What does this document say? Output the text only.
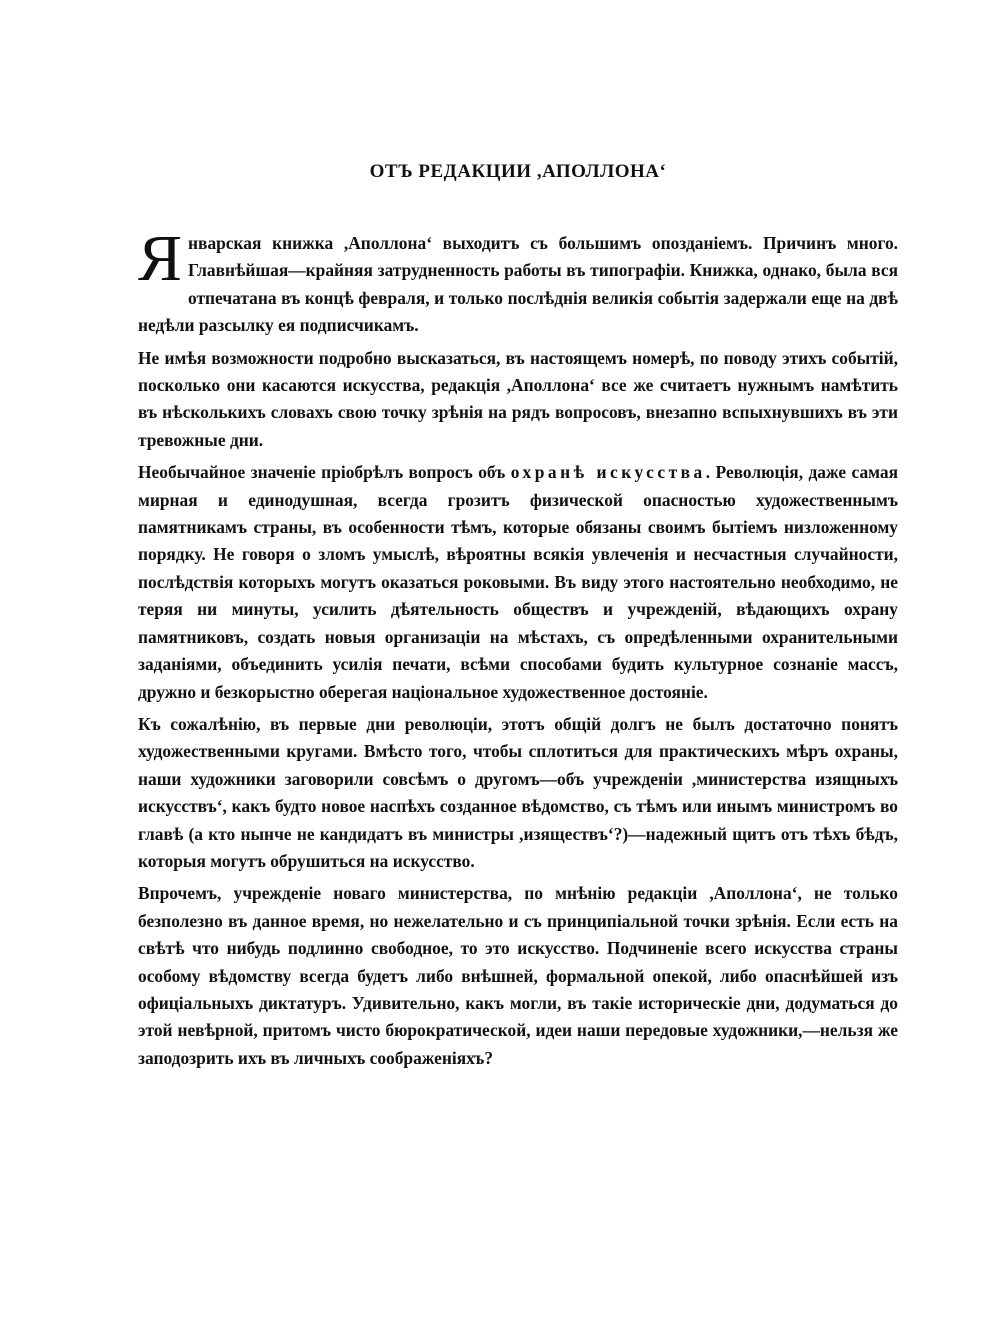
ОТЪ РЕДАКЦИИ ,АПОЛЛОНА‘

Январская книжка ,Аполлона‘ выходитъ съ большимъ опозданіемъ. Причинъ много. Главнѣйшая—крайняя затрудненность работы въ типографіи. Книжка, однако, была вся отпечатана въ концѣ февраля, и только послѣднія великія событія задержали еще на двѣ недѣли разсылку ея подписчикамъ.

Не имѣя возможности подробно высказаться, въ настоящемъ номерѣ, по поводу этихъ событій, посколько они касаются искусства, редакція ,Аполлона‘ все же считаетъ нужнымъ намѣтить въ нѣсколькихъ словахъ свою точку зрѣнія на рядъ вопросовъ, внезапно вспыхнувшихъ въ эти тревожные дни.

Необычайное значеніе пріобрѣлъ вопросъ объ охранѣ искусства. Революція, даже самая мирная и единодушная, всегда грозитъ физической опасностью художественнымъ памятникамъ страны, въ особенности тѣмъ, которые обязаны своимъ бытіемъ низложенному порядку. Не говоря о зломъ умыслѣ, вѣроятны всякія увлеченія и несчастныя случайности, послѣдствія которыхъ могутъ оказаться роковыми. Въ виду этого настоятельно необходимо, не теряя ни минуты, усилить дѣятельность обществъ и учрежденій, вѣдающихъ охрану памятниковъ, создать новыя организаціи на мѣстахъ, съ опредѣленными охранительными заданіями, объединить усилія печати, всѣми способами будить культурное сознаніе массъ, дружно и безкорыстно оберегая національное художественное достояніе.

Къ сожалѣнію, въ первые дни революціи, этотъ общій долгъ не былъ достаточно понятъ художественными кругами. Вмѣсто того, чтобы сплотиться для практическихъ мѣръ охраны, наши художники заговорили совсѣмъ о другомъ—объ учрежденіи ,министерства изящныхъ искусствъ‘, какъ будто новое наспѣхъ созданное вѣдомство, съ тѣмъ или инымъ министромъ во главѣ (а кто нынче не кандидатъ въ министры ,изяществъ‘?)—надежный щитъ отъ тѣхъ бѣдъ, которыя могутъ обрушиться на искусство.

Впрочемъ, учрежденіе новаго министерства, по мнѣнію редакціи ,Аполлона‘, не только безполезно въ данное время, но нежелательно и съ принципіальной точки зрѣнія. Если есть на свѣтѣ что нибудь подлинно свободное, то это искусство. Подчиненіе всего искусства страны особому вѣдомству всегда будетъ либо внѣшней, формальной опекой, либо опаснѣйшей изъ офиціальныхъ диктатуръ. Удивительно, какъ могли, въ такіе историческіе дни, додуматься до этой невѣрной, притомъ чисто бюрократической, идеи наши передовые художники,—нельзя же заподозрить ихъ въ личныхъ соображеніяхъ?
